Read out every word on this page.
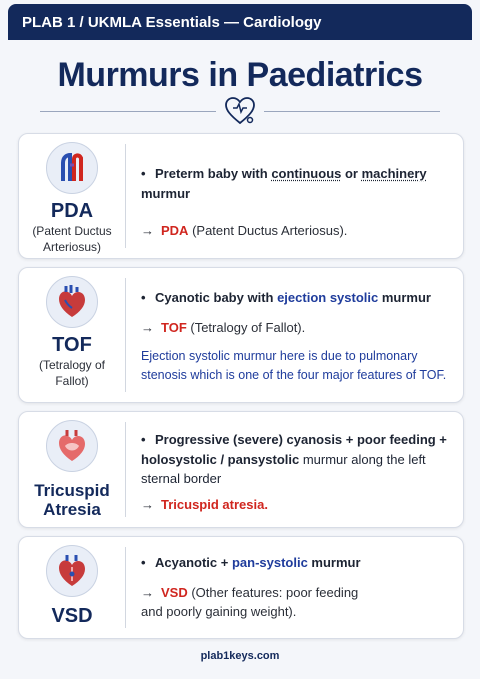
PLAB 1 / UKMLA Essentials — Cardiology
Murmurs in Paediatrics
PDA
(Patent Ductus Arteriosus)
• Preterm baby with continuous or machinery murmur
→ PDA (Patent Ductus Arteriosus).
TOF
(Tetralogy of Fallot)
• Cyanotic baby with ejection systolic murmur
→ TOF (Tetralogy of Fallot).
Ejection systolic murmur here is due to pulmonary stenosis which is one of the four major features of TOF.
Tricuspid Atresia
• Progressive (severe) cyanosis + poor feeding + holosystolic / pansystolic murmur along the left sternal border
→ Tricuspid atresia.
VSD
• Acyanotic + pan-systolic murmur
→ VSD (Other features: poor feeding and poorly gaining weight).
plab1keys.com
